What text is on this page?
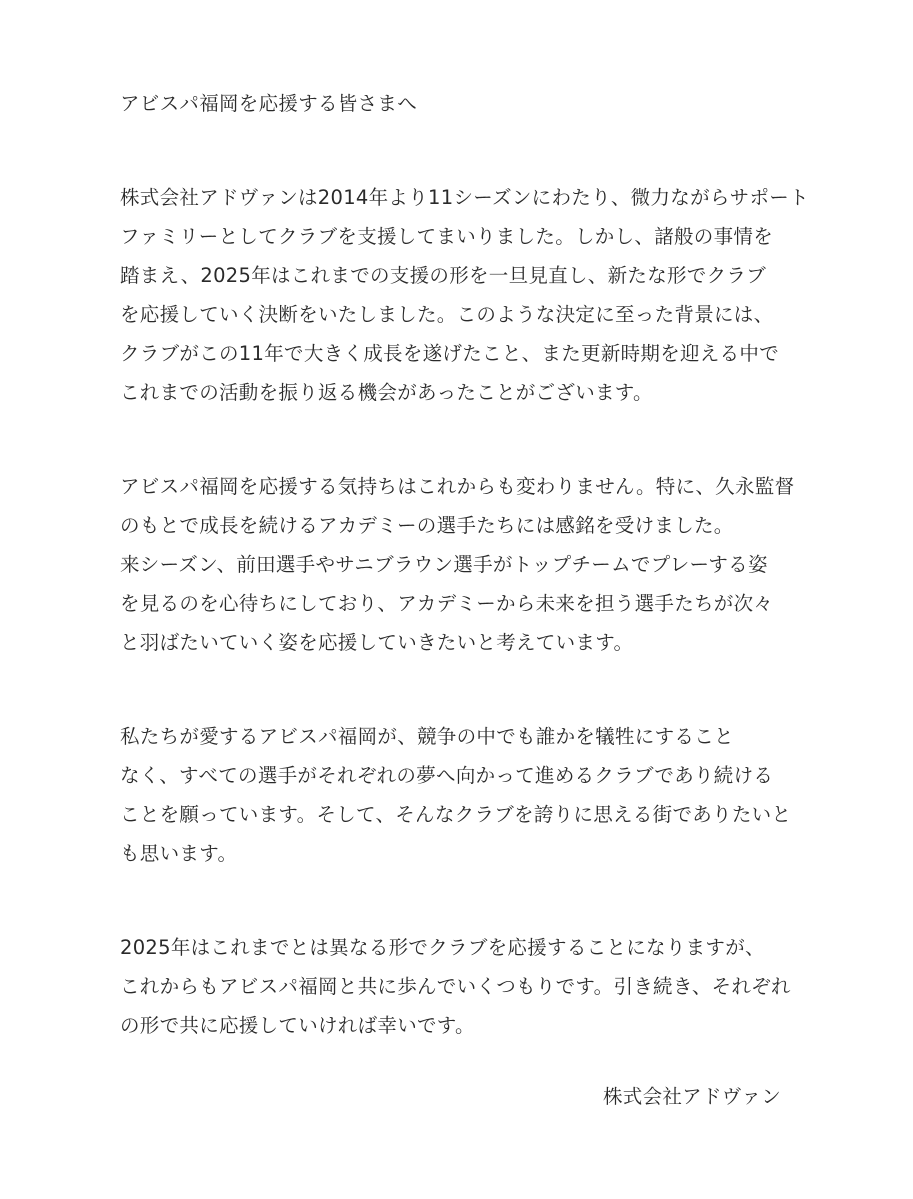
アビスパ福岡を応援する皆さまへ

株式会社アドヴァンは2014年より11シーズンにわたり、微力ながらサポート
ファミリーとしてクラブを支援してまいりました。しかし、諸般の事情を
踏まえ、2025年はこれまでの支援の形を一旦見直し、新たな形でクラブ
を応援していく決断をいたしました。このような決定に至った背景には、
クラブがこの11年で大きく成長を遂げたこと、また更新時期を迎える中で
これまでの活動を振り返る機会があったことがございます。

アビスパ福岡を応援する気持ちはこれからも変わりません。特に、久永監督
のもとで成長を続けるアカデミーの選手たちには感銘を受けました。
来シーズン、前田選手やサニブラウン選手がトップチームでプレーする姿
を見るのを心待ちにしており、アカデミーから未来を担う選手たちが次々
と羽ばたいていく姿を応援していきたいと考えています。

私たちが愛するアビスパ福岡が、競争の中でも誰かを犠牲にすること
なく、すべての選手がそれぞれの夢へ向かって進めるクラブであり続ける
ことを願っています。そして、そんなクラブを誇りに思える街でありたいと
も思います。

2025年はこれまでとは異なる形でクラブを応援することになりますが、
これからもアビスパ福岡と共に歩んでいくつもりです。引き続き、それぞれ
の形で共に応援していければ幸いです。

株式会社アドヴァン
